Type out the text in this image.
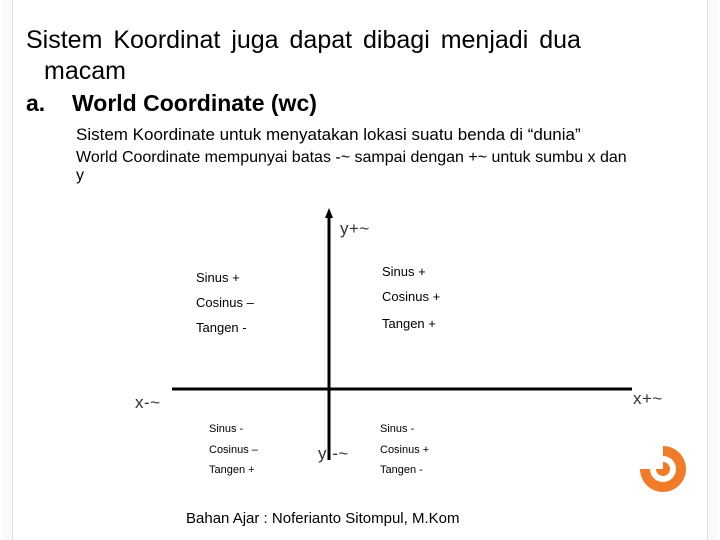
Sistem Koordinat juga dapat dibagi menjadi dua
macam
a. World Coordinate (wc)
Sistem Koordinate untuk menyatakan lokasi suatu benda di “dunia”
World Coordinate mempunyai batas -~ sampai dengan +~ untuk sumbu x dan
y
y+~
y -~
x-~	x+~
Sinus +
Cosinus –
Tangen -
Sinus +
Cosinus +
Tangen +
Sinus -
Cosinus –
Tangen +
Sinus -
Cosinus +
Tangen -
Bahan Ajar : Noferianto Sitompul, M.Kom
